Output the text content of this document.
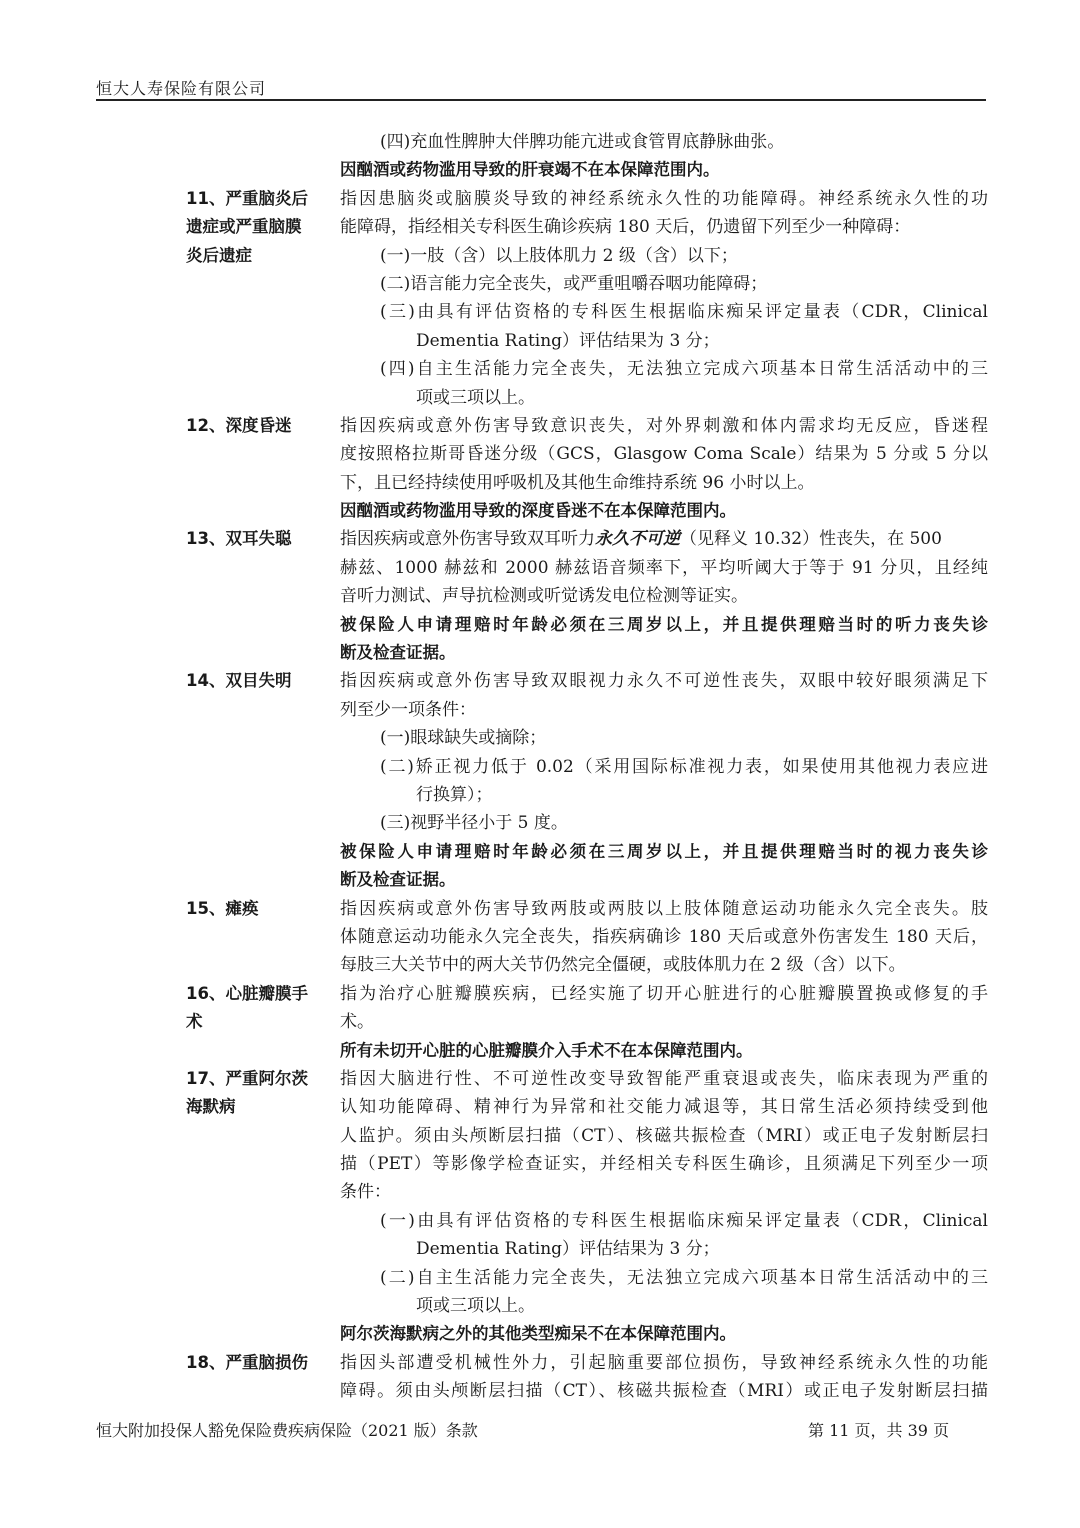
恒大人寿保险有限公司
(四)充血性脾肿大伴脾功能亢进或食管胃底静脉曲张。
因酗酒或药物滥用导致的肝衰竭不在本保障范围内。
11、严重脑炎后	指因患脑炎或脑膜炎导致的神经系统永久性的功能障碍。神经系统永久性的功
遗症或严重脑膜	能障碍，指经相关专科医生确诊疾病 180 天后，仍遗留下列至少一种障碍：
炎后遗症	(一)一肢（含）以上肢体肌力 2 级（含）以下；
(二)语言能力完全丧失，或严重咀嚼吞咽功能障碍；
(三)由具有评估资格的专科医生根据临床痴呆评定量表（CDR，Clinical
Dementia Rating）评估结果为 3 分；
(四)自主生活能力完全丧失，无法独立完成六项基本日常生活活动中的三
项或三项以上。
12、深度昏迷	指因疾病或意外伤害导致意识丧失，对外界刺激和体内需求均无反应，昏迷程
度按照格拉斯哥昏迷分级（GCS，Glasgow Coma Scale）结果为 5 分或 5 分以
下，且已经持续使用呼吸机及其他生命维持系统 96 小时以上。
因酗酒或药物滥用导致的深度昏迷不在本保障范围内。
13、双耳失聪	指因疾病或意外伤害导致双耳听力永久不可逆（见释义 10.32）性丧失，在 500
赫兹、1000 赫兹和 2000 赫兹语音频率下，平均听阈大于等于 91 分贝，且经纯
音听力测试、声导抗检测或听觉诱发电位检测等证实。
被保险人申请理赔时年龄必须在三周岁以上，并且提供理赔当时的听力丧失诊
断及检查证据。
14、双目失明	指因疾病或意外伤害导致双眼视力永久不可逆性丧失，双眼中较好眼须满足下
列至少一项条件：
(一)眼球缺失或摘除；
(二)矫正视力低于 0.02（采用国际标准视力表，如果使用其他视力表应进
行换算）；
(三)视野半径小于 5 度。
被保险人申请理赔时年龄必须在三周岁以上，并且提供理赔当时的视力丧失诊
断及检查证据。
15、瘫痪	指因疾病或意外伤害导致两肢或两肢以上肢体随意运动功能永久完全丧失。肢
体随意运动功能永久完全丧失，指疾病确诊 180 天后或意外伤害发生 180 天后，
每肢三大关节中的两大关节仍然完全僵硬，或肢体肌力在 2 级（含）以下。
16、心脏瓣膜手	指为治疗心脏瓣膜疾病，已经实施了切开心脏进行的心脏瓣膜置换或修复的手
术	术。
所有未切开心脏的心脏瓣膜介入手术不在本保障范围内。
17、严重阿尔茨	指因大脑进行性、不可逆性改变导致智能严重衰退或丧失，临床表现为严重的
海默病	认知功能障碍、精神行为异常和社交能力减退等，其日常生活必须持续受到他
人监护。须由头颅断层扫描（CT）、核磁共振检查（MRI）或正电子发射断层扫
描（PET）等影像学检查证实，并经相关专科医生确诊，且须满足下列至少一项
条件：
(一)由具有评估资格的专科医生根据临床痴呆评定量表（CDR，Clinical
Dementia Rating）评估结果为 3 分；
(二)自主生活能力完全丧失，无法独立完成六项基本日常生活活动中的三
项或三项以上。
阿尔茨海默病之外的其他类型痴呆不在本保障范围内。
18、严重脑损伤	指因头部遭受机械性外力，引起脑重要部位损伤，导致神经系统永久性的功能
障碍。须由头颅断层扫描（CT）、核磁共振检查（MRI）或正电子发射断层扫描
恒大附加投保人豁免保险费疾病保险（2021 版）条款	第 11 页，共 39 页
